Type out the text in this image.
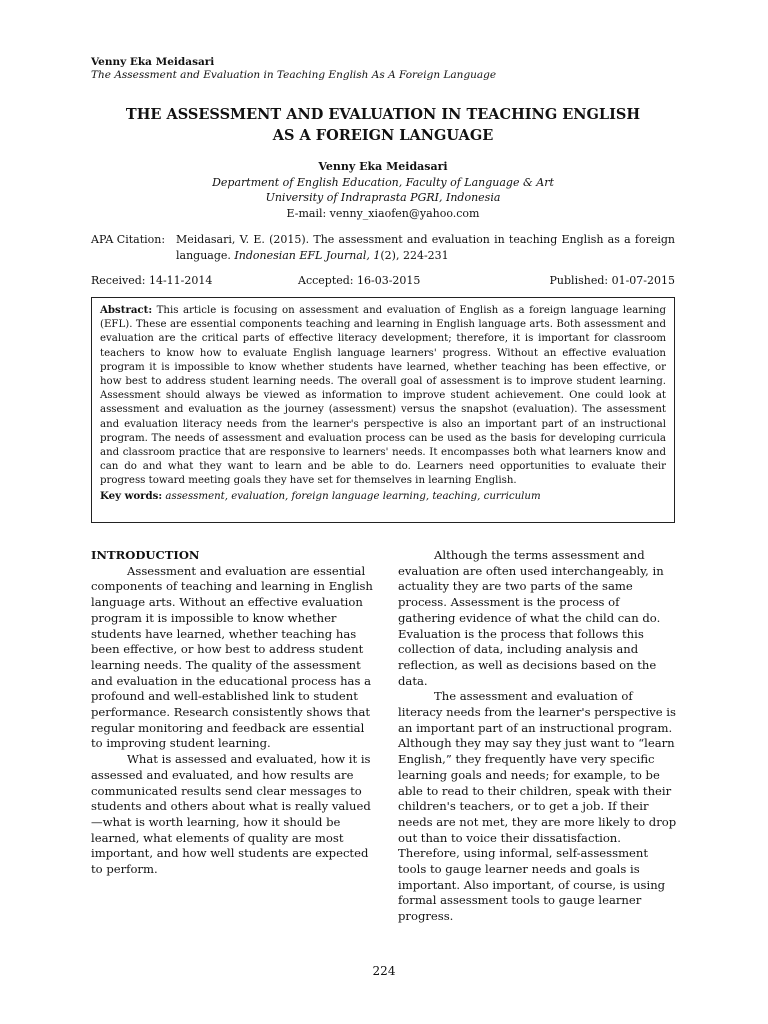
Venny Eka Meidasari
The Assessment and Evaluation in Teaching English As A Foreign Language
THE ASSESSMENT AND EVALUATION IN TEACHING ENGLISH
AS A FOREIGN LANGUAGE
Venny Eka Meidasari
Department of English Education, Faculty of Language & Art
University of Indraprasta PGRI, Indonesia
E-mail: venny_xiaofen@yahoo.com
APA Citation: Meidasari, V. E. (2015). The assessment and evaluation in teaching English as a foreign language. Indonesian EFL Journal, 1(2), 224-231
Received: 14-11-2014	Accepted: 16-03-2015	Published: 01-07-2015
Abstract: This article is focusing on assessment and evaluation of English as a foreign language learning (EFL). These are essential components teaching and learning in English language arts. Both assessment and evaluation are the critical parts of effective literacy development; therefore, it is important for classroom teachers to know how to evaluate English language learners' progress. Without an effective evaluation program it is impossible to know whether students have learned, whether teaching has been effective, or how best to address student learning needs. The overall goal of assessment is to improve student learning. Assessment should always be viewed as information to improve student achievement. One could look at assessment and evaluation as the journey (assessment) versus the snapshot (evaluation). The assessment and evaluation literacy needs from the learner's perspective is also an important part of an instructional program. The needs of assessment and evaluation process can be used as the basis for developing curricula and classroom practice that are responsive to learners' needs. It encompasses both what learners know and can do and what they want to learn and be able to do. Learners need opportunities to evaluate their progress toward meeting goals they have set for themselves in learning English.
Key words: assessment, evaluation, foreign language learning, teaching, curriculum
INTRODUCTION

Assessment and evaluation are essential components of teaching and learning in English language arts. Without an effective evaluation program it is impossible to know whether students have learned, whether teaching has been effective, or how best to address student learning needs. The quality of the assessment and evaluation in the educational process has a profound and well-established link to student performance. Research consistently shows that regular monitoring and feedback are essential to improving student learning.

What is assessed and evaluated, how it is assessed and evaluated, and how results are communicated results send clear messages to students and others about what is really valued—what is worth learning, how it should be learned, what elements of quality are most important, and how well students are expected to perform.

Although the terms assessment and evaluation are often used interchangeably, in actuality they are two parts of the same process. Assessment is the process of gathering evidence of what the child can do. Evaluation is the process that follows this collection of data, including analysis and reflection, as well as decisions based on the data.

The assessment and evaluation of literacy needs from the learner's perspective is an important part of an instructional program. Although they may say they just want to “learn English,” they frequently have very specific learning goals and needs; for example, to be able to read to their children, speak with their children's teachers, or to get a job. If their needs are not met, they are more likely to drop out than to voice their dissatisfaction. Therefore, using informal, self-assessment tools to gauge learner needs and goals is important. Also important, of course, is using formal assessment tools to gauge learner progress.

224
